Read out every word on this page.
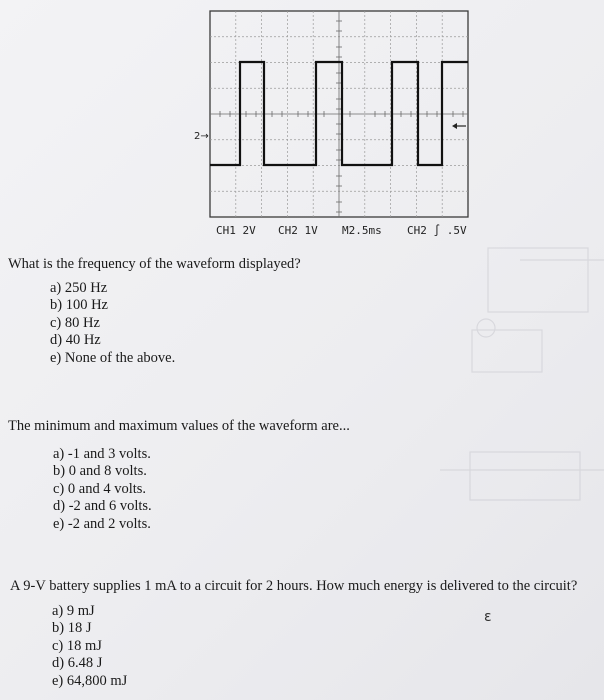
2→
CH1 2V CH2 1V M2.5ms CH2 ∫ .5V

What is the frequency of the waveform displayed?

a) 250 Hz

b) 100 Hz

c) 80 Hz

d) 40 Hz

e) None of the above.

The minimum and maximum values of the waveform are...

a) -1 and 3 volts.

b) 0 and 8 volts.

c) 0 and 4 volts.

d) -2 and 6 volts.

e) -2 and 2 volts.

A 9-V battery supplies 1 mA to a circuit for 2 hours. How much energy is delivered to the circuit?

a) 9 mJ

b) 18 J

c) 18 mJ

d) 6.48 J

e) 64,800 mJ

ε
